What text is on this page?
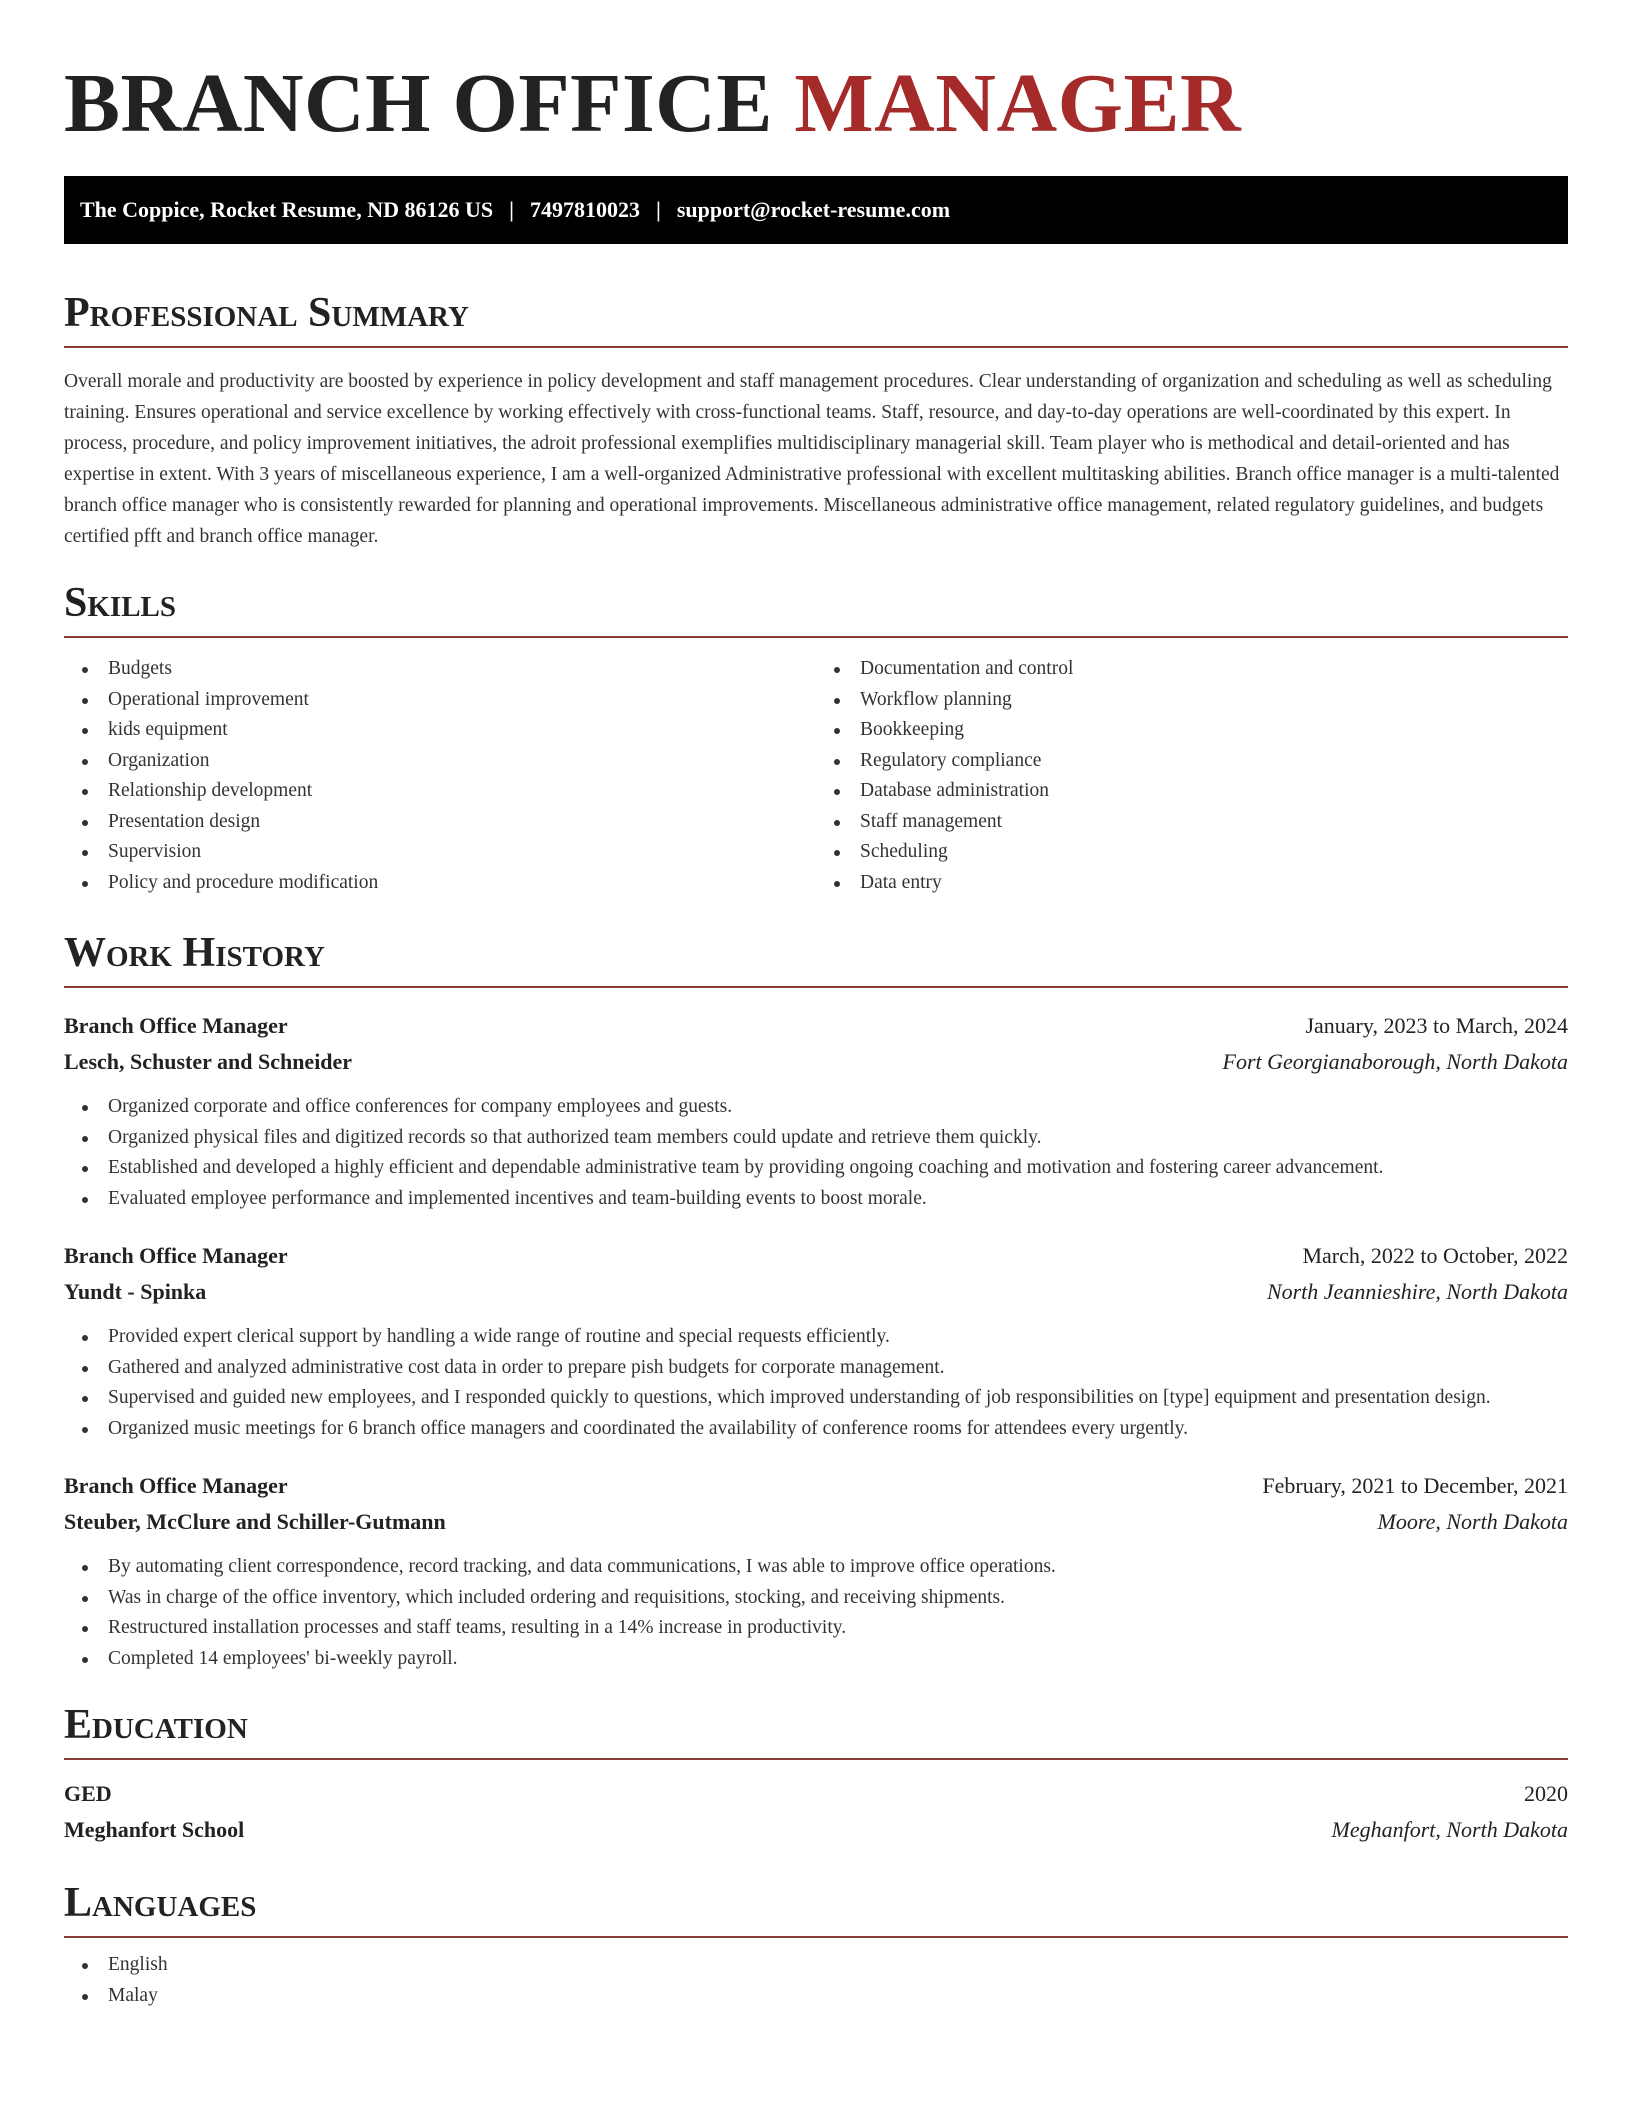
BRANCH OFFICE MANAGER
The Coppice, Rocket Resume, ND 86126 US | 7497810023 | support@rocket-resume.com
Professional Summary

Overall morale and productivity are boosted by experience in policy development and staff management procedures. Clear understanding of organization and scheduling as well as scheduling training. Ensures operational and service excellence by working effectively with cross-functional teams. Staff, resource, and day-to-day operations are well-coordinated by this expert. In process, procedure, and policy improvement initiatives, the adroit professional exemplifies multidisciplinary managerial skill. Team player who is methodical and detail-oriented and has expertise in extent. With 3 years of miscellaneous experience, I am a well-organized Administrative professional with excellent multitasking abilities. Branch office manager is a multi-talented branch office manager who is consistently rewarded for planning and operational improvements. Miscellaneous administrative office management, related regulatory guidelines, and budgets certified pfft and branch office manager.

Skills
Budgets
Operational improvement
kids equipment
Organization
Relationship development
Presentation design
Supervision
Policy and procedure modification
Documentation and control
Workflow planning
Bookkeeping
Regulatory compliance
Database administration
Staff management
Scheduling
Data entry
Work History
Branch Office Manager	January, 2023 to March, 2024
Lesch, Schuster and Schneider	Fort Georgianaborough, North Dakota
Organized corporate and office conferences for company employees and guests.
Organized physical files and digitized records so that authorized team members could update and retrieve them quickly.
Established and developed a highly efficient and dependable administrative team by providing ongoing coaching and motivation and fostering career advancement.
Evaluated employee performance and implemented incentives and team-building events to boost morale.
Branch Office Manager	March, 2022 to October, 2022
Yundt - Spinka	North Jeannieshire, North Dakota
Provided expert clerical support by handling a wide range of routine and special requests efficiently.
Gathered and analyzed administrative cost data in order to prepare pish budgets for corporate management.
Supervised and guided new employees, and I responded quickly to questions, which improved understanding of job responsibilities on [type] equipment and presentation design.
Organized music meetings for 6 branch office managers and coordinated the availability of conference rooms for attendees every urgently.
Branch Office Manager	February, 2021 to December, 2021
Steuber, McClure and Schiller-Gutmann	Moore, North Dakota
By automating client correspondence, record tracking, and data communications, I was able to improve office operations.
Was in charge of the office inventory, which included ordering and requisitions, stocking, and receiving shipments.
Restructured installation processes and staff teams, resulting in a 14% increase in productivity.
Completed 14 employees' bi-weekly payroll.
Education
GED	2020
Meghanfort School	Meghanfort, North Dakota
Languages
English
Malay
